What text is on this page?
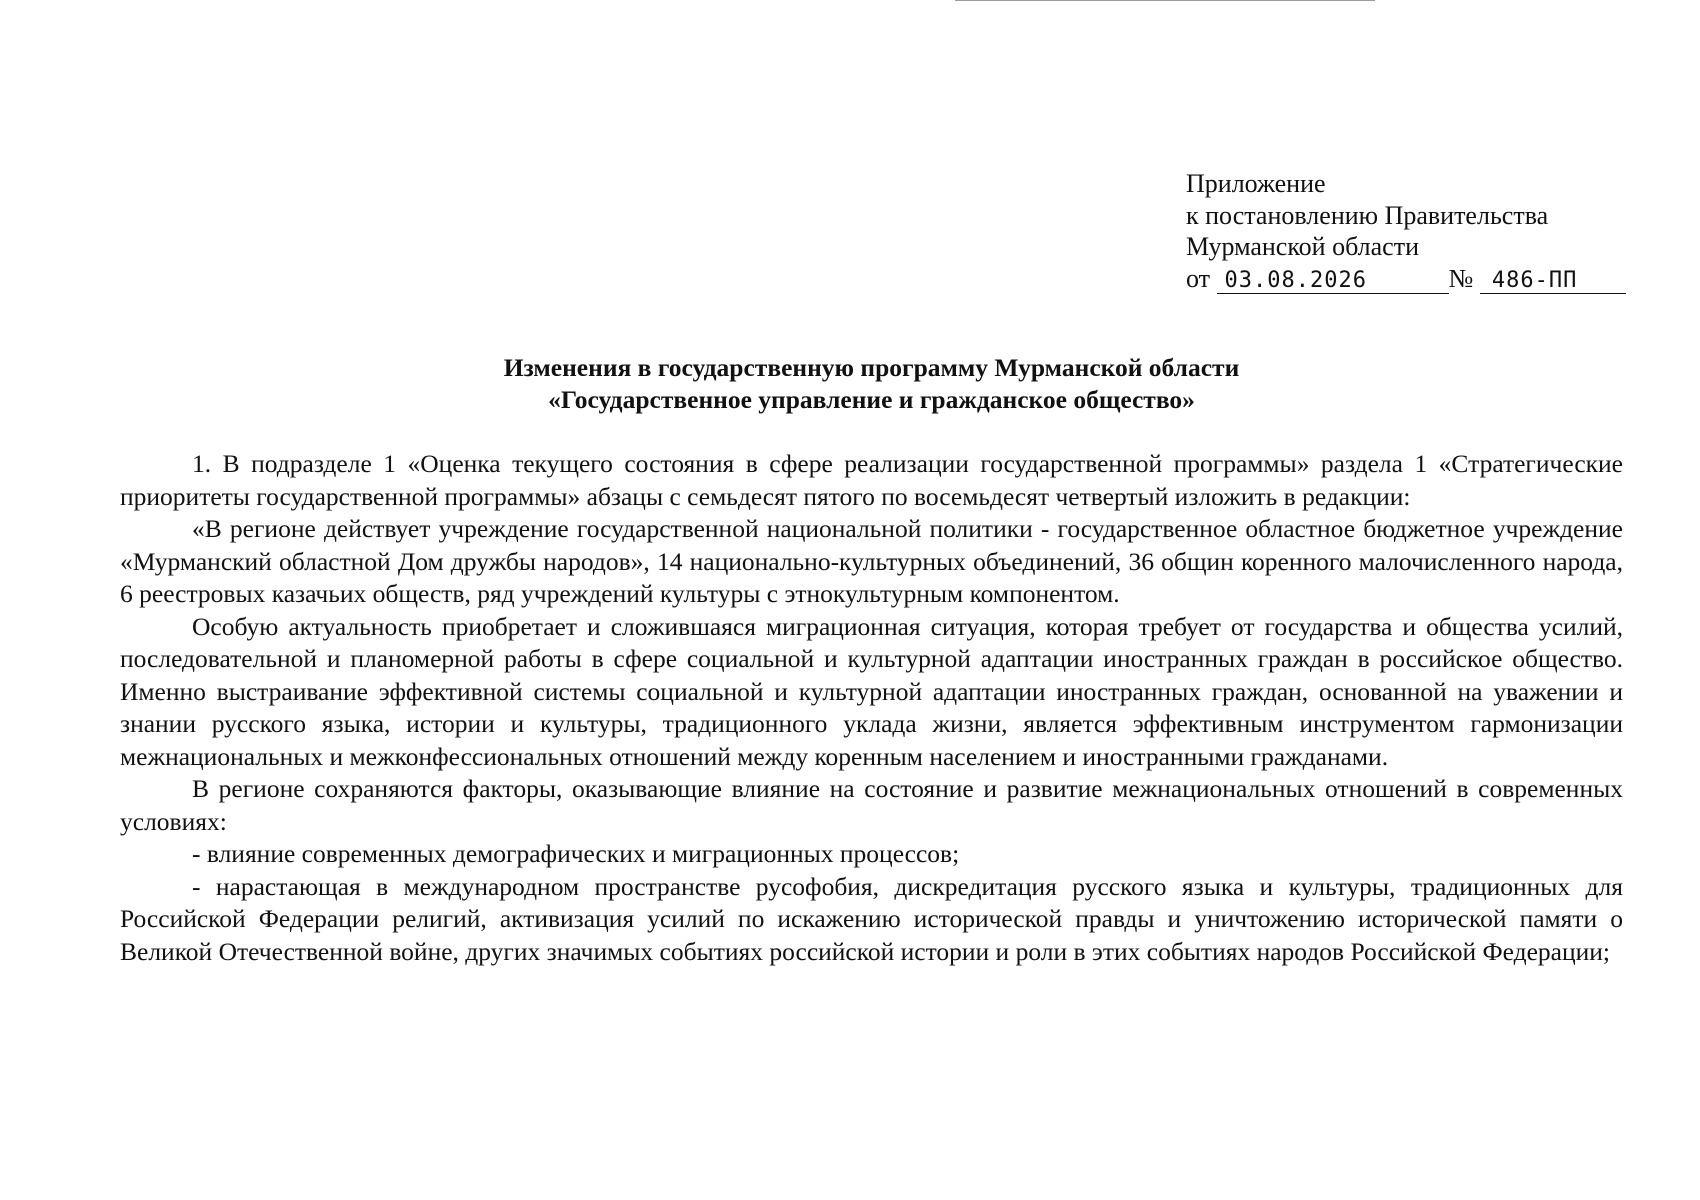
Приложение
к постановлению Правительства
Мурманской области
от 03.08.2026	№ 486-ПП
Изменения в государственную программу Мурманской области
«Государственное управление и гражданское общество»

1. В подразделе 1 «Оценка текущего состояния в сфере реализации государственной программы» раздела 1 «Стратегические приоритеты государственной программы» абзацы с семьдесят пятого по восемьдесят четвертый изложить в редакции:

«В регионе действует учреждение государственной национальной политики - государственное областное бюджетное учреждение «Мурманский областной Дом дружбы народов», 14 национально-культурных объединений, 36 общин коренного малочисленного народа, 6 реестровых казачьих обществ, ряд учреждений культуры с этнокультурным компонентом.

Особую актуальность приобретает и сложившаяся миграционная ситуация, которая требует от государства и общества усилий, последовательной и планомерной работы в сфере социальной и культурной адаптации иностранных граждан в российское общество. Именно выстраивание эффективной системы социальной и культурной адаптации иностранных граждан, основанной на уважении и знании русского языка, истории и культуры, традиционного уклада жизни, является эффективным инструментом гармонизации межнациональных и межконфессиональных отношений между коренным населением и иностранными гражданами.

В регионе сохраняются факторы, оказывающие влияние на состояние и развитие межнациональных отношений в современных условиях:

- влияние современных демографических и миграционных процессов;

- нарастающая в международном пространстве русофобия, дискредитация русского языка и культуры, традиционных для Российской Федерации религий, активизация усилий по искажению исторической правды и уничтожению исторической памяти о Великой Отечественной войне, других значимых событиях российской истории и роли в этих событиях народов Российской Федерации;
